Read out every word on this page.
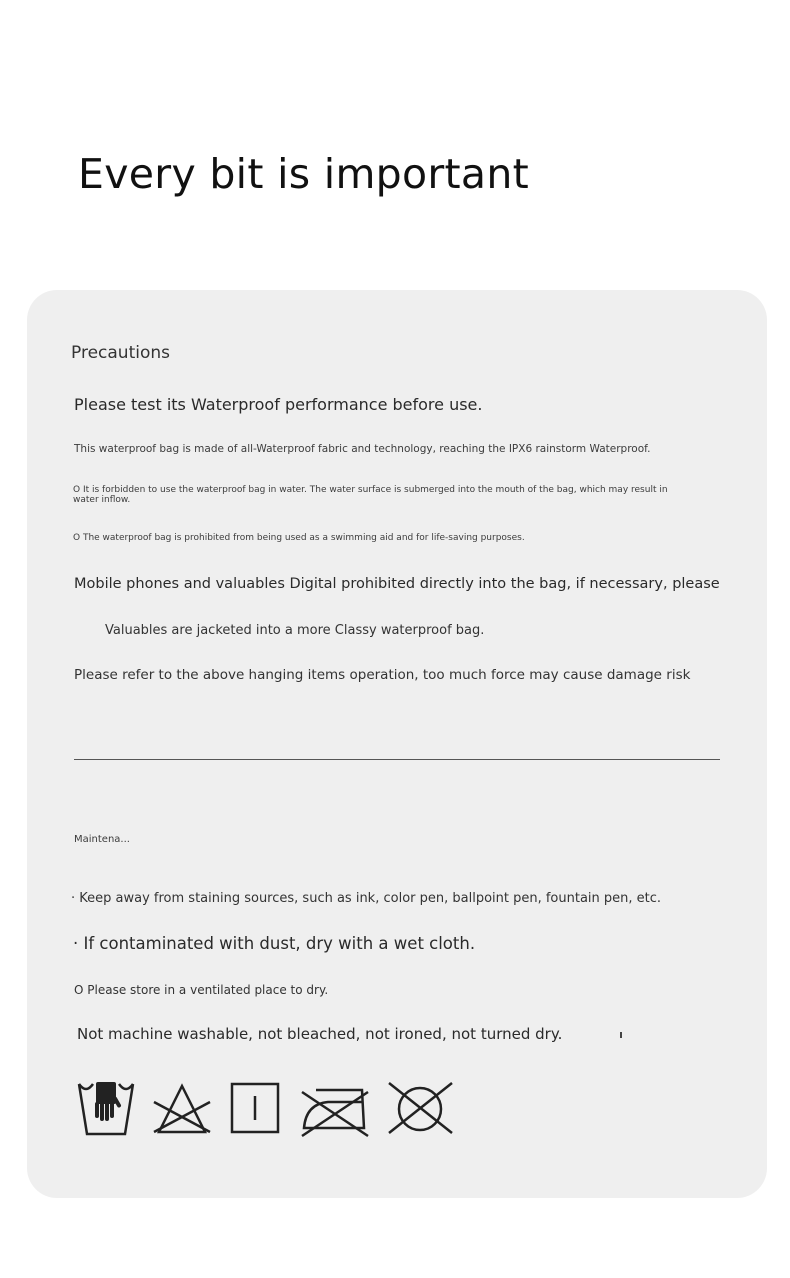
Every bit is important
Precautions
Please test its Waterproof performance before use.
This waterproof bag is made of all-Waterproof fabric and technology, reaching the IPX6 rainstorm Waterproof.
O It is forbidden to use the waterproof bag in water. The water surface is submerged into the mouth of the bag, which may result in water inflow.
O The waterproof bag is prohibited from being used as a swimming aid and for life-saving purposes.
Mobile phones and valuables Digital prohibited directly into the bag, if necessary, please
Valuables are jacketed into a more Classy waterproof bag.
Please refer to the above hanging items operation, too much force may cause damage risk
Maintena...
· Keep away from staining sources, such as ink, color pen, ballpoint pen, fountain pen, etc.
· If contaminated with dust, dry with a wet cloth.
O Please store in a ventilated place to dry.
Not machine washable, not bleached, not ironed, not turned dry.
